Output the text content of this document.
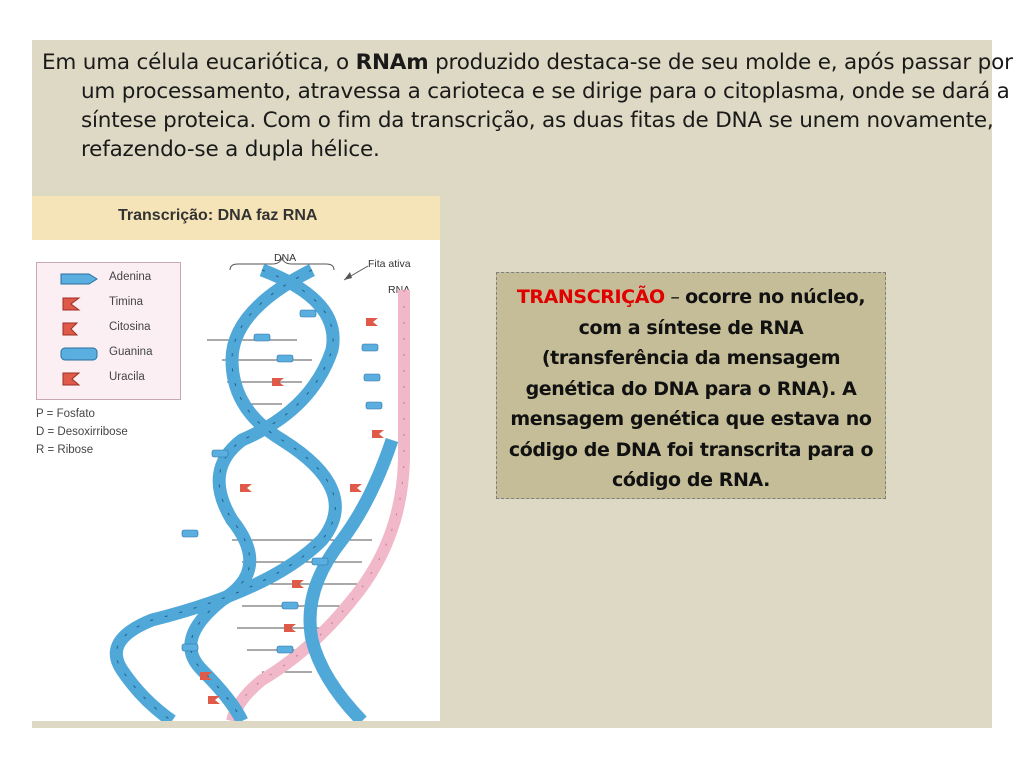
Em uma célula eucariótica, o RNAm produzido destaca-se de seu molde e, após passar por um processamento, atravessa a carioteca e se dirige para o citoplasma, onde se dará a síntese proteica. Com o fim da transcrição, as duas fitas de DNA se unem novamente, refazendo-se a dupla hélice.
Transcrição: DNA faz RNA
Adenina
Timina
Citosina
Guanina
Uracila
P = Fosfato
D = Desoxirribose
R = Ribose
DNA	Fita ativa
RNA	TRANSCRIÇÃO – ocorre no núcleo, com a síntese de RNA (transferência da mensagem genética do DNA para o RNA). A mensagem genética que estava no código de DNA foi transcrita para o código de RNA.
